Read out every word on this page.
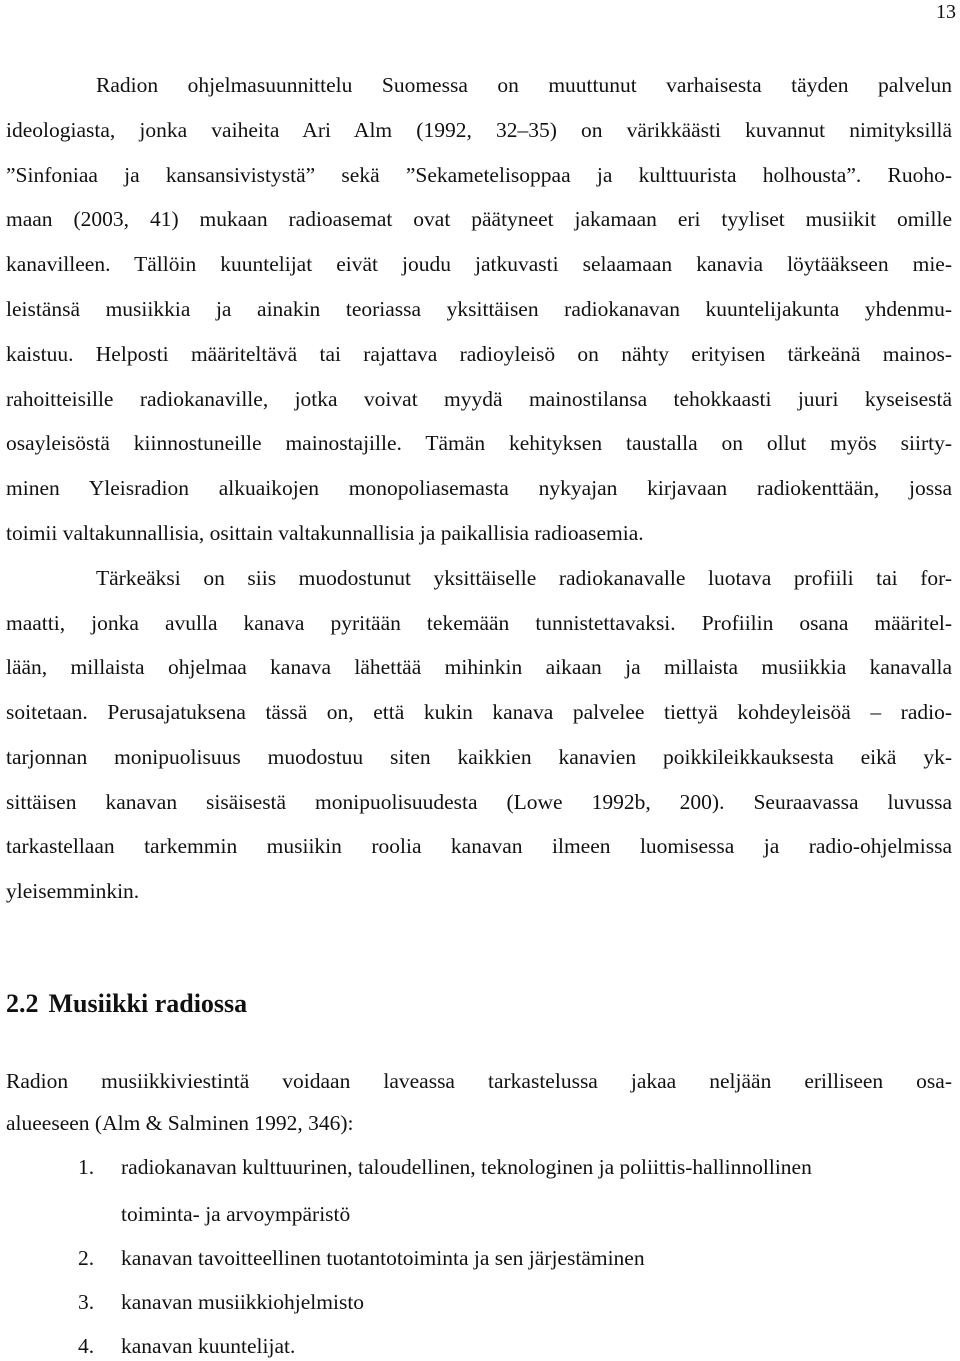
13
Radion ohjelmasuunnittelu Suomessa on muuttunut varhaisesta täyden palvelun
ideologiasta, jonka vaiheita Ari Alm (1992, 32–35) on värikkäästi kuvannut nimityksillä
”Sinfoniaa ja kansansivistystä” sekä ”Sekametelisoppaa ja kulttuurista holhousta”. Ruoho-
maan (2003, 41) mukaan radioasemat ovat päätyneet jakamaan eri tyyliset musiikit omille
kanavilleen. Tällöin kuuntelijat eivät joudu jatkuvasti selaamaan kanavia löytääkseen mie-
leistänsä musiikkia ja ainakin teoriassa yksittäisen radiokanavan kuuntelijakunta yhdenmu-
kaistuu. Helposti määriteltävä tai rajattava radioyleisö on nähty erityisen tärkeänä mainos-
rahoitteisille radiokanaville, jotka voivat myydä mainostilansa tehokkaasti juuri kyseisestä
osayleisöstä kiinnostuneille mainostajille. Tämän kehityksen taustalla on ollut myös siirty-
minen Yleisradion alkuaikojen monopoliasemasta nykyajan kirjavaan radiokenttään, jossa
toimii valtakunnallisia, osittain valtakunnallisia ja paikallisia radioasemia.
Tärkeäksi on siis muodostunut yksittäiselle radiokanavalle luotava profiili tai for-
maatti, jonka avulla kanava pyritään tekemään tunnistettavaksi. Profiilin osana määritel-
lään, millaista ohjelmaa kanava lähettää mihinkin aikaan ja millaista musiikkia kanavalla
soitetaan. Perusajatuksena tässä on, että kukin kanava palvelee tiettyä kohdeyleisöä – radio-
tarjonnan monipuolisuus muodostuu siten kaikkien kanavien poikkileikkauksesta eikä yk-
sittäisen kanavan sisäisestä monipuolisuudesta (Lowe 1992b, 200). Seuraavassa luvussa
tarkastellaan tarkemmin musiikin roolia kanavan ilmeen luomisessa ja radio-ohjelmissa
yleisemminkin.
2.2 Musiikki radiossa
Radion musiikkiviestintä voidaan laveassa tarkastelussa jakaa neljään erilliseen osa-
alueeseen (Alm & Salminen 1992, 346):
1.	radiokanavan kulttuurinen, taloudellinen, teknologinen ja poliittis-hallinnollinen
toiminta- ja arvoympäristö
2.	kanavan tavoitteellinen tuotantotoiminta ja sen järjestäminen
3.	kanavan musiikkiohjelmisto
4.	kanavan kuuntelijat.
